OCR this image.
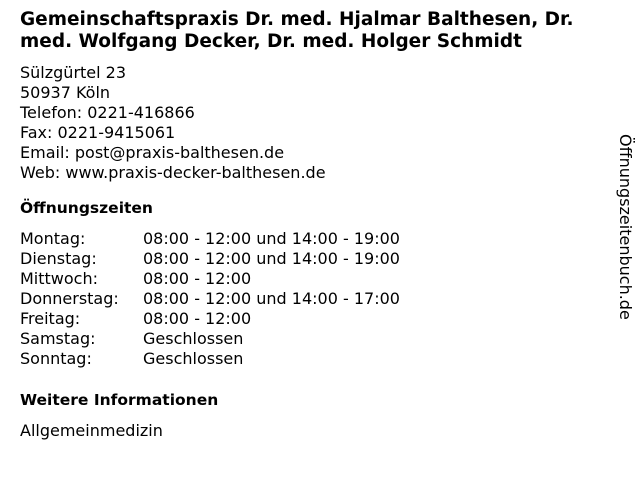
Gemeinschaftspraxis Dr. med. Hjalmar Balthesen, Dr. med. Wolfgang Decker, Dr. med. Holger Schmidt
Sülzgürtel 23
50937 Köln
Telefon: 0221-416866
Fax: 0221-9415061
Email: post@praxis-balthesen.de
Web: www.praxis-decker-balthesen.de
Öffnungszeiten
Montag:	08:00 - 12:00 und 14:00 - 19:00
Dienstag:	08:00 - 12:00 und 14:00 - 19:00
Mittwoch:	08:00 - 12:00
Donnerstag:	08:00 - 12:00 und 14:00 - 17:00
Freitag:	08:00 - 12:00
Samstag:	Geschlossen
Sonntag:	Geschlossen
Weitere Informationen
Allgemeinmedizin
Öffnungszeitenbuch.de
